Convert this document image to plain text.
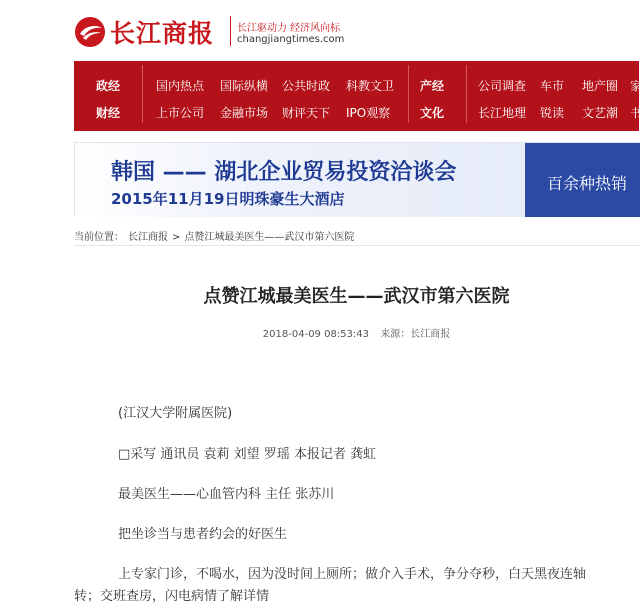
长江商报 长江驱动力 经济风向标
changjiangtimes.com
政经	国内热点 国际纵横 公共时政 科教文卫 产经	公司调查 车市 地产圈 家
财经	上市公司 金融市场 财评天下 IPO观察 文化	长江地理 锐读 文艺潮 书
韩国 —— 湖北企业贸易投资洽谈会
2015年11月19日明珠豪生大酒店
百余种热销
当前位置： 长江商报 > 点赞江城最美医生——武汉市第六医院
点赞江城最美医生——武汉市第六医院
2018-04-09 08:53:43 来源：长江商报
(江汉大学附属医院)
□采写 通讯员 袁莉 刘望 罗瑶 本报记者 龚虹
最美医生——心血管内科 主任 张苏川
把坐诊当与患者约会的好医生
上专家门诊，不喝水，因为没时间上厕所；做介入手术，争分夺秒，白天黑夜连轴
转；交班查房，闪电病情了解详情
